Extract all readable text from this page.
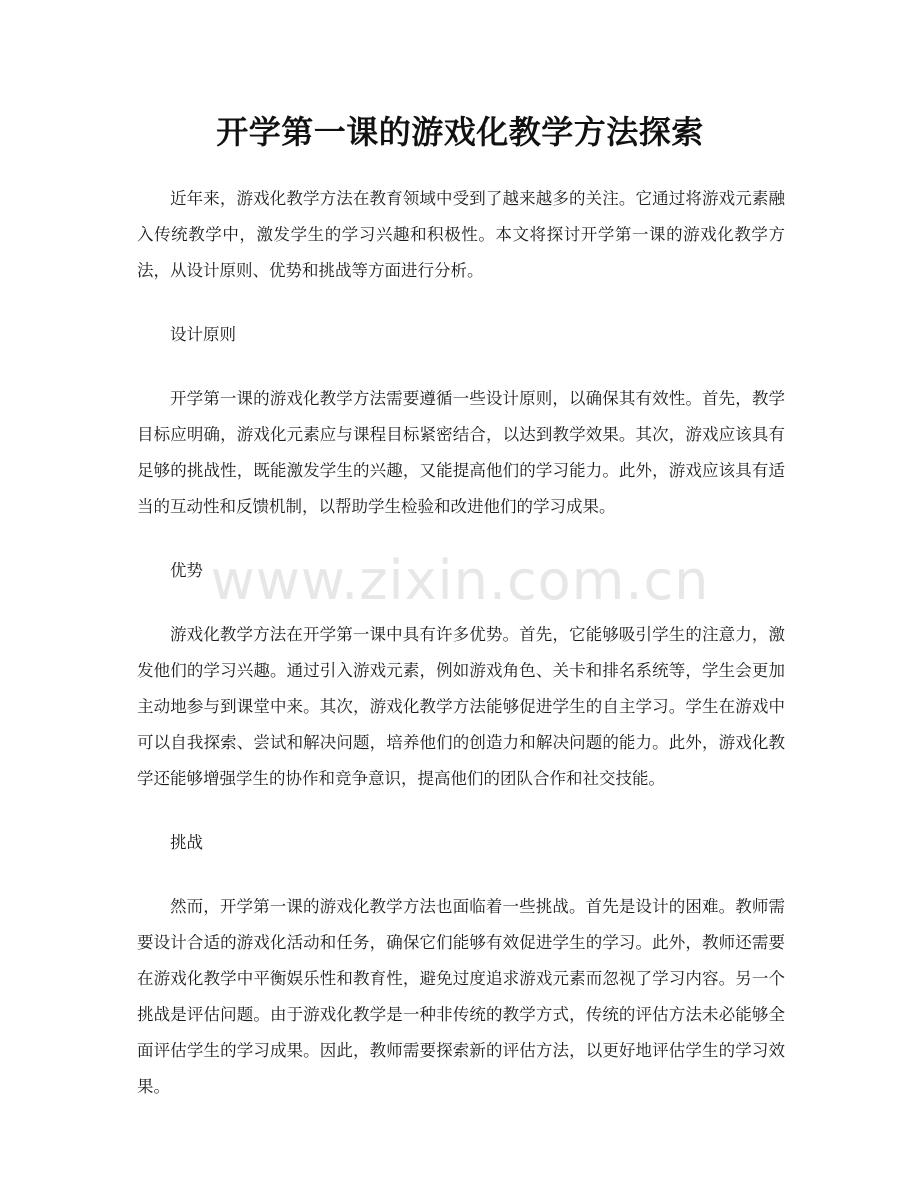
开学第一课的游戏化教学方法探索

近年来，游戏化教学方法在教育领域中受到了越来越多的关注。它通过将游戏元素融入传统教学中，激发学生的学习兴趣和积极性。本文将探讨开学第一课的游戏化教学方法，从设计原则、优势和挑战等方面进行分析。

设计原则

开学第一课的游戏化教学方法需要遵循一些设计原则，以确保其有效性。首先，教学目标应明确，游戏化元素应与课程目标紧密结合，以达到教学效果。其次，游戏应该具有足够的挑战性，既能激发学生的兴趣，又能提高他们的学习能力。此外，游戏应该具有适当的互动性和反馈机制，以帮助学生检验和改进他们的学习成果。

优势

游戏化教学方法在开学第一课中具有许多优势。首先，它能够吸引学生的注意力，激发他们的学习兴趣。通过引入游戏元素，例如游戏角色、关卡和排名系统等，学生会更加主动地参与到课堂中来。其次，游戏化教学方法能够促进学生的自主学习。学生在游戏中可以自我探索、尝试和解决问题，培养他们的创造力和解决问题的能力。此外，游戏化教学还能够增强学生的协作和竞争意识，提高他们的团队合作和社交技能。

挑战

然而，开学第一课的游戏化教学方法也面临着一些挑战。首先是设计的困难。教师需要设计合适的游戏化活动和任务，确保它们能够有效促进学生的学习。此外，教师还需要在游戏化教学中平衡娱乐性和教育性，避免过度追求游戏元素而忽视了学习内容。另一个挑战是评估问题。由于游戏化教学是一种非传统的教学方式，传统的评估方法未必能够全面评估学生的学习成果。因此，教师需要探索新的评估方法，以更好地评估学生的学习效果。

www.zixin.com.cn
